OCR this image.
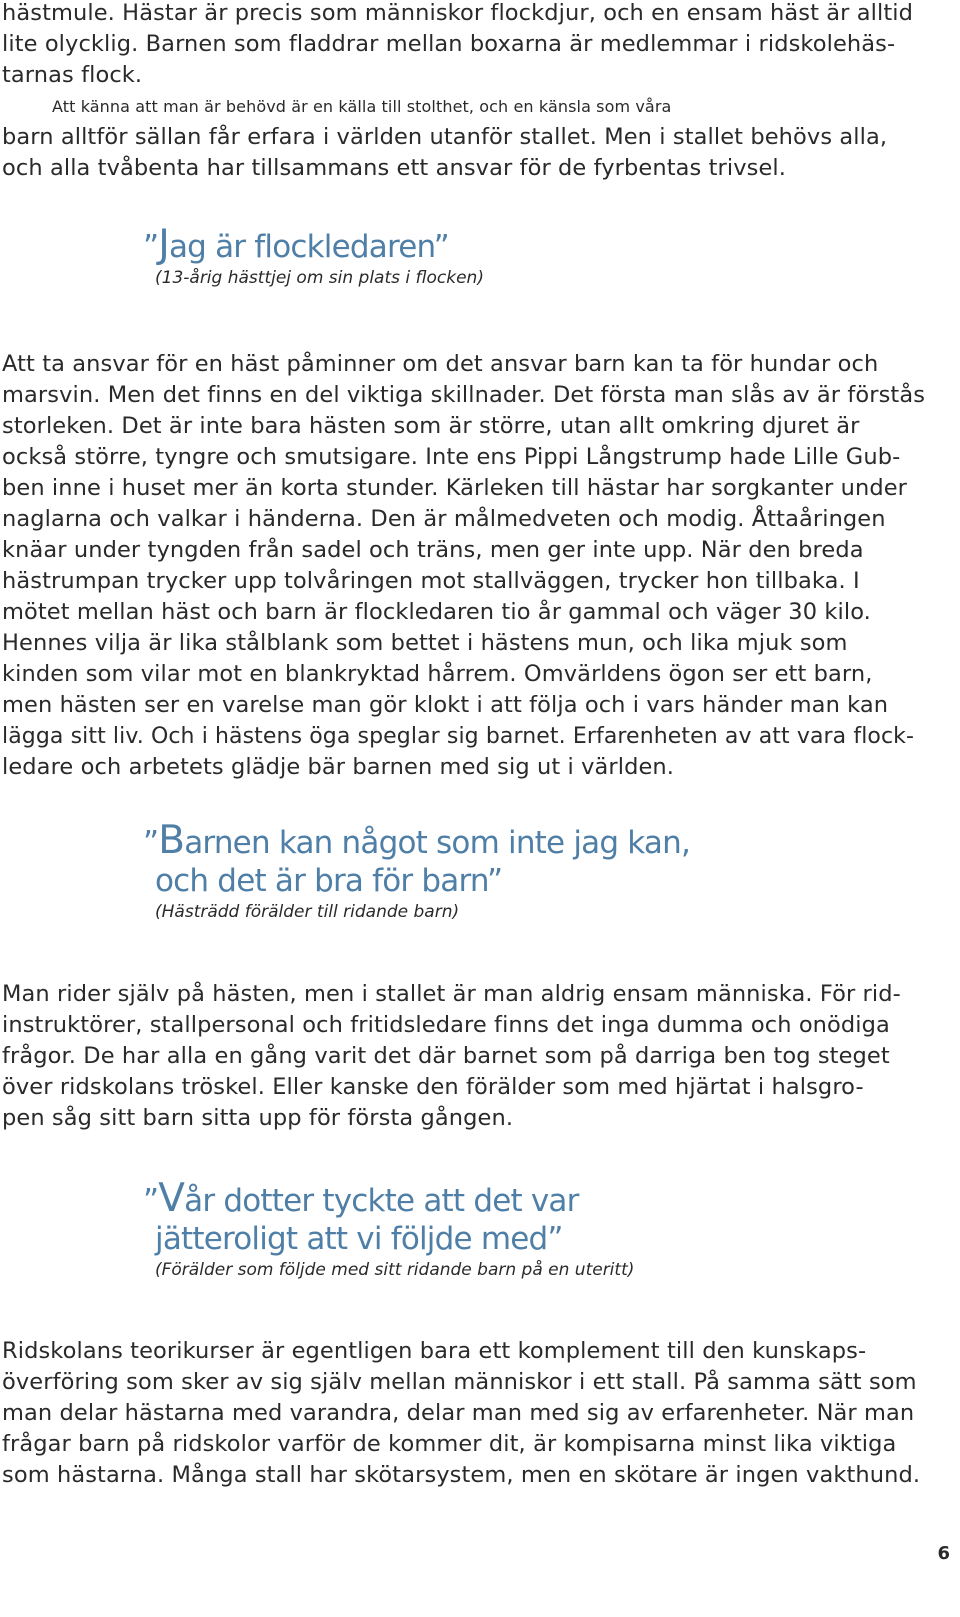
hästmule. Hästar är precis som människor flockdjur, och en ensam häst är alltid
lite olycklig. Barnen som fladdrar mellan boxarna är medlemmar i ridskolehäs-
tarnas flock.
Att känna att man är behövd är en källa till stolthet, och en känsla som våra
barn alltför sällan får erfara i världen utanför stallet. Men i stallet behövs alla,
och alla tvåbenta har tillsammans ett ansvar för de fyrbentas trivsel.
”Jag är flockledaren”
(13-årig hästtjej om sin plats i flocken)
Att ta ansvar för en häst påminner om det ansvar barn kan ta för hundar och
marsvin. Men det finns en del viktiga skillnader. Det första man slås av är förstås
storleken. Det är inte bara hästen som är större, utan allt omkring djuret är
också större, tyngre och smutsigare. Inte ens Pippi Långstrump hade Lille Gub-
ben inne i huset mer än korta stunder. Kärleken till hästar har sorgkanter under
naglarna och valkar i händerna. Den är målmedveten och modig. Åttaåringen
knäar under tyngden från sadel och träns, men ger inte upp. När den breda
hästrumpan trycker upp tolvåringen mot stallväggen, trycker hon tillbaka. I
mötet mellan häst och barn är flockledaren tio år gammal och väger 30 kilo.
Hennes vilja är lika stålblank som bettet i hästens mun, och lika mjuk som
kinden som vilar mot en blankryktad hårrem. Omvärldens ögon ser ett barn,
men hästen ser en varelse man gör klokt i att följa och i vars händer man kan
lägga sitt liv. Och i hästens öga speglar sig barnet. Erfarenheten av att vara flock-
ledare och arbetets glädje bär barnen med sig ut i världen.
”Barnen kan något som inte jag kan,
och det är bra för barn”
(Hästrädd förälder till ridande barn)
Man rider själv på hästen, men i stallet är man aldrig ensam människa. För rid-
instruktörer, stallpersonal och fritidsledare finns det inga dumma och onödiga
frågor. De har alla en gång varit det där barnet som på darriga ben tog steget
över ridskolans tröskel. Eller kanske den förälder som med hjärtat i halsgro-
pen såg sitt barn sitta upp för första gången.
”Vår dotter tyckte att det var
jätteroligt att vi följde med”
(Förälder som följde med sitt ridande barn på en uteritt)
Ridskolans teorikurser är egentligen bara ett komplement till den kunskaps-
överföring som sker av sig själv mellan människor i ett stall. På samma sätt som
man delar hästarna med varandra, delar man med sig av erfarenheter. När man
frågar barn på ridskolor varför de kommer dit, är kompisarna minst lika viktiga
som hästarna. Många stall har skötarsystem, men en skötare är ingen vakthund.
6
